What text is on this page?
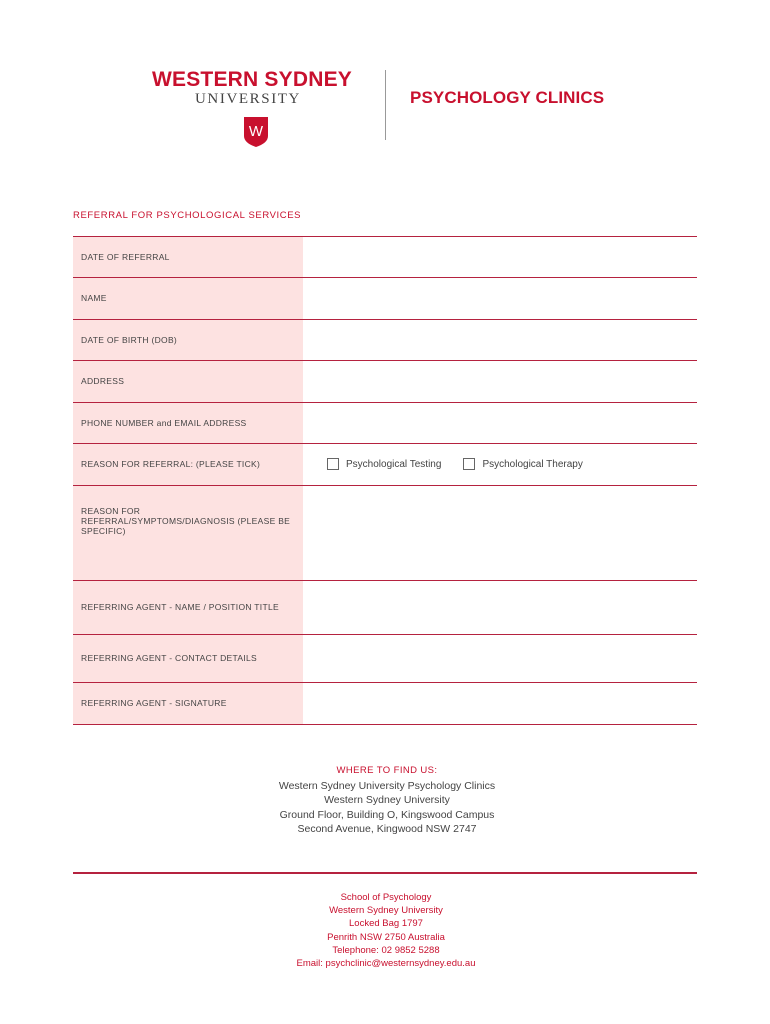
WESTERN SYDNEY
UNIVERSITY
W
PSYCHOLOGY CLINICS
REFERRAL FOR PSYCHOLOGICAL SERVICES
DATE OF REFERRAL
NAME
DATE OF BIRTH (DOB)
ADDRESS
PHONE NUMBER and EMAIL ADDRESS
REASON FOR REFERRAL: (PLEASE TICK)	Psychological Testing	Psychological Therapy
REASON FOR REFERRAL/SYMPTOMS/DIAGNOSIS (PLEASE BE SPECIFIC)
REFERRING AGENT - NAME / POSITION TITLE
REFERRING AGENT - CONTACT DETAILS
REFERRING AGENT - SIGNATURE
WHERE TO FIND US:
Western Sydney University Psychology Clinics
Western Sydney University
Ground Floor, Building O, Kingswood Campus
Second Avenue, Kingwood NSW 2747
School of Psychology
Western Sydney University
Locked Bag 1797
Penrith NSW 2750 Australia
Telephone: 02 9852 5288
Email: psychclinic@westernsydney.edu.au
